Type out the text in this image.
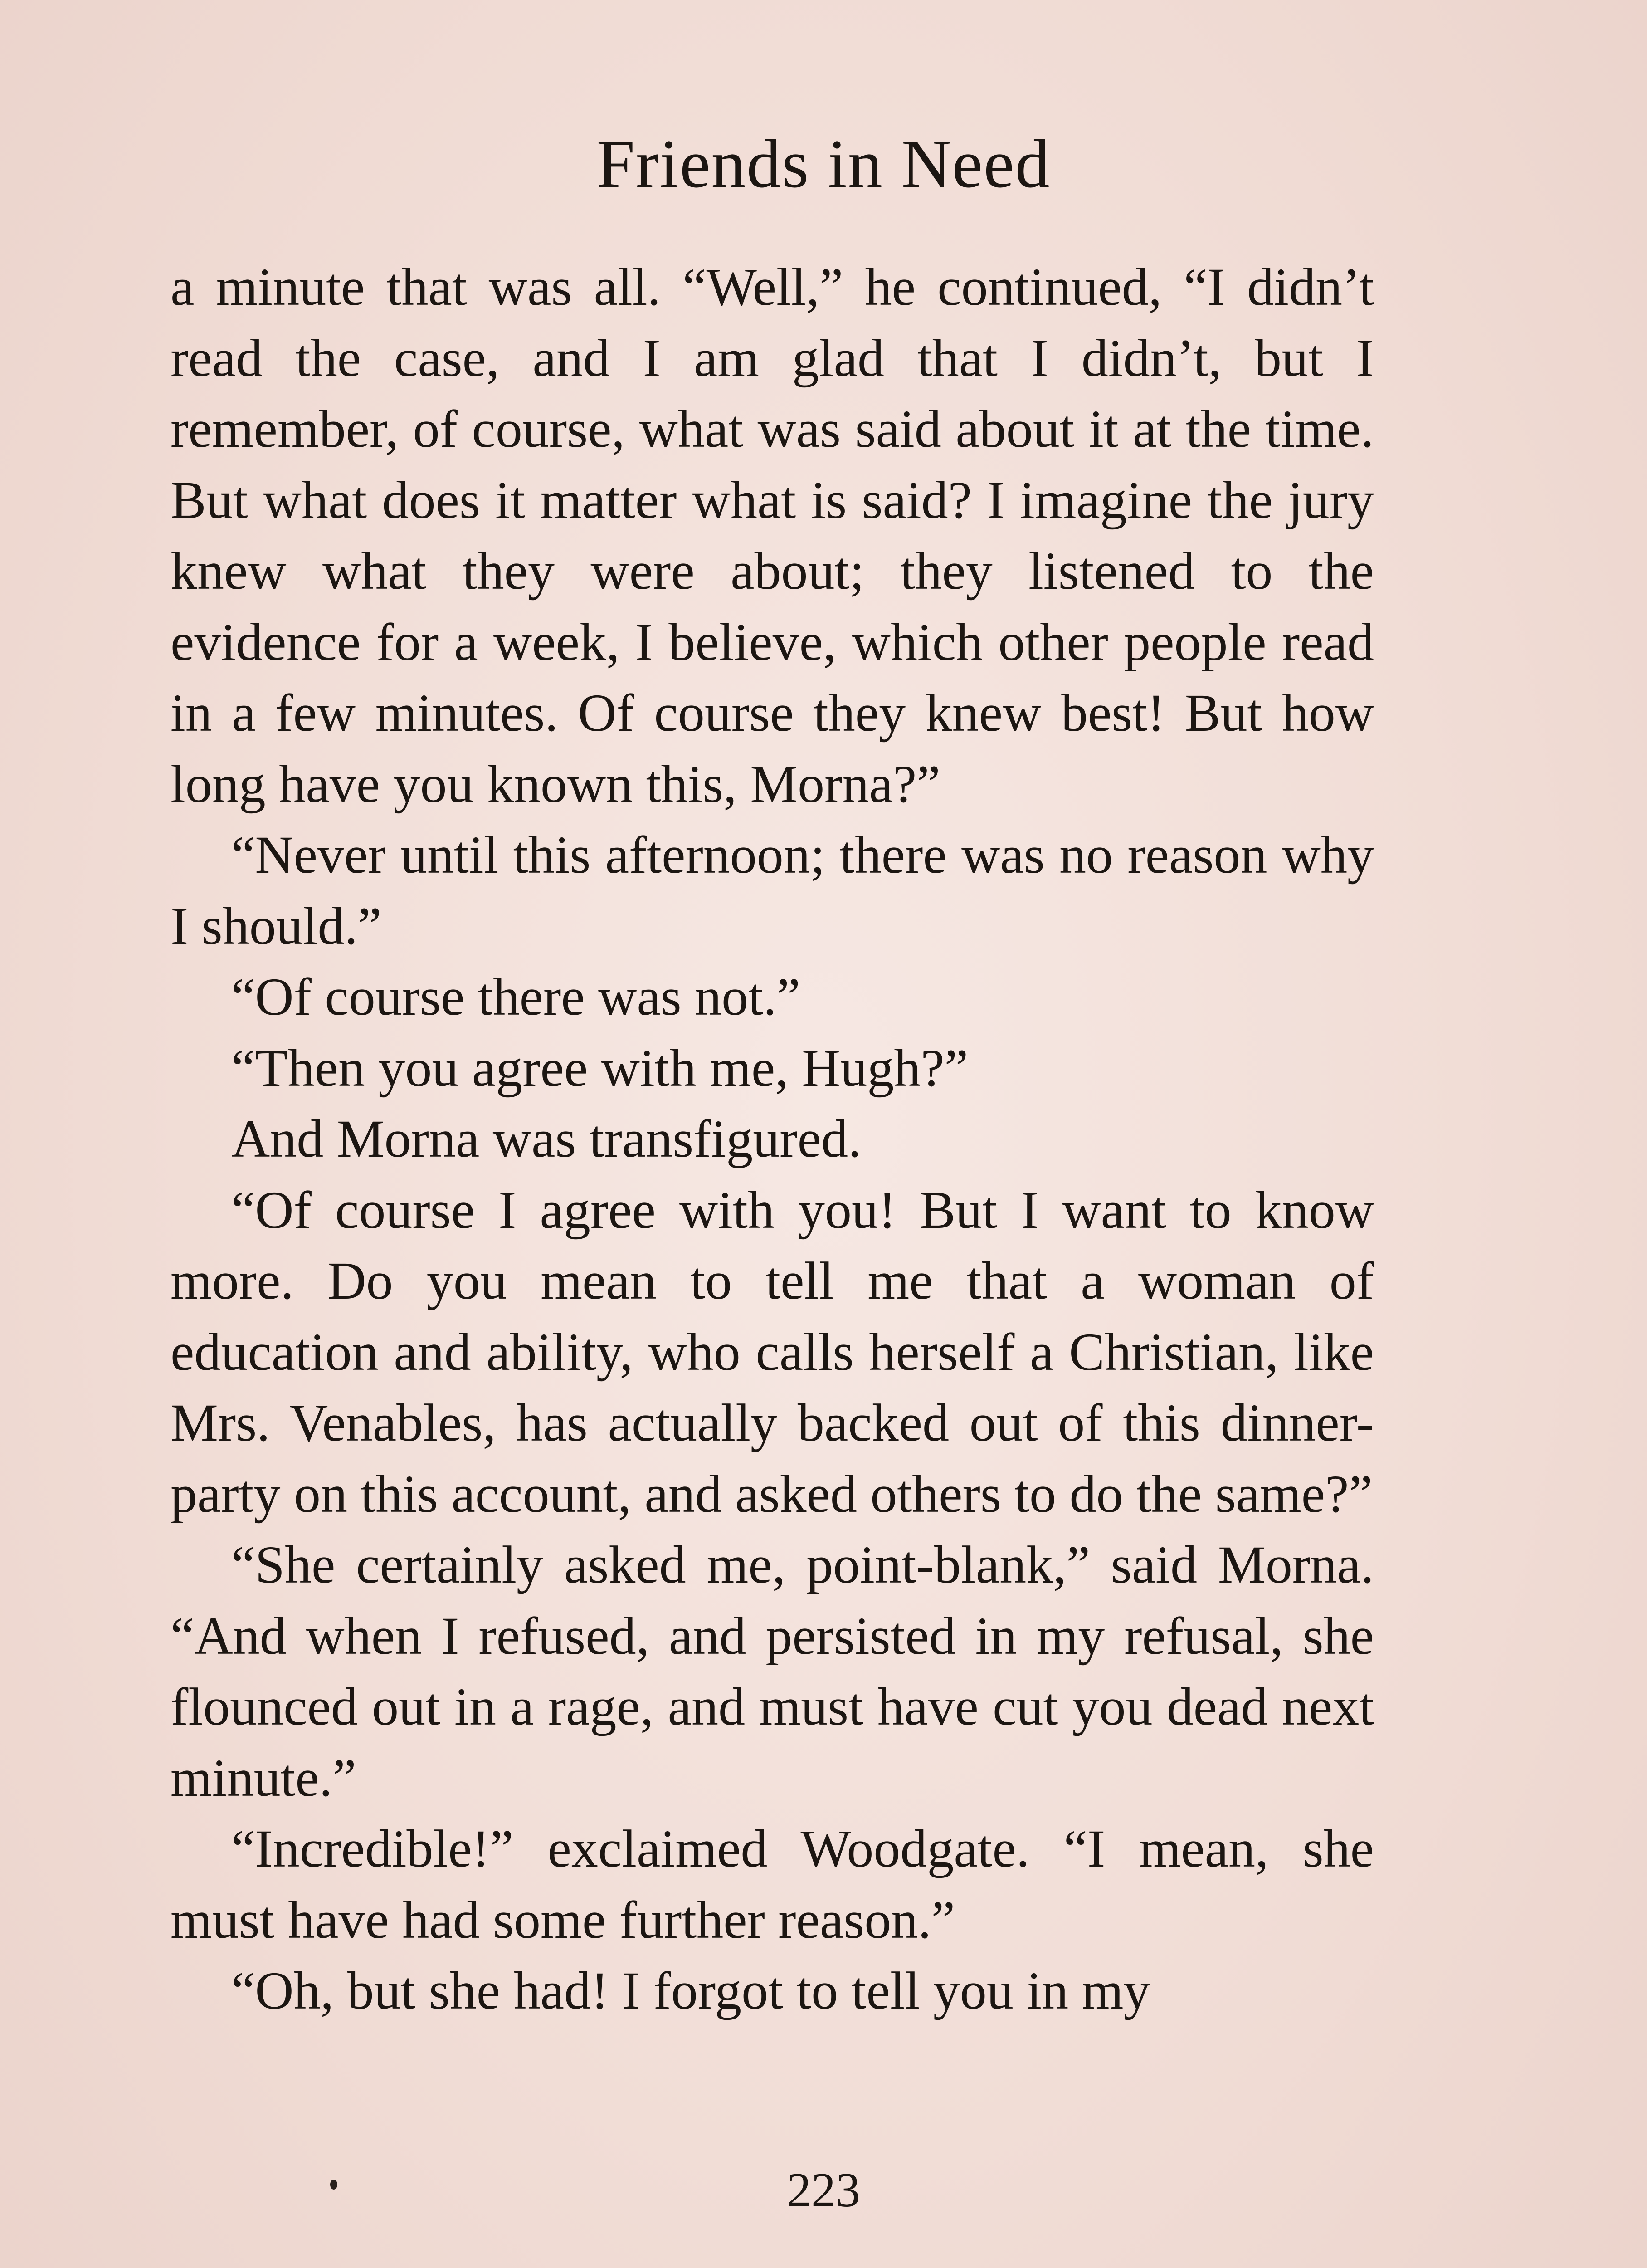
Friends in Need

a minute that was all. “Well,” he continued, “I didn’t read the case, and I am glad that I didn’t, but I remember, of course, what was said about it at the time. But what does it matter what is said? I imagine the jury knew what they were about; they listened to the evidence for a week, I believe, which other people read in a few minutes. Of course they knew best! But how long have you known this, Morna?”

“Never until this afternoon; there was no reason why I should.”

“Of course there was not.”

“Then you agree with me, Hugh?”

And Morna was transfigured.

“Of course I agree with you! But I want to know more. Do you mean to tell me that a woman of education and ability, who calls herself a Christian, like Mrs. Venables, has actually backed out of this dinner-party on this account, and asked others to do the same?”

“She certainly asked me, point-blank,” said Morna. “And when I refused, and persisted in my refusal, she flounced out in a rage, and must have cut you dead next minute.”

“Incredible!” exclaimed Woodgate. “I mean, she must have had some further reason.”

“Oh, but she had! I forgot to tell you in my

223
